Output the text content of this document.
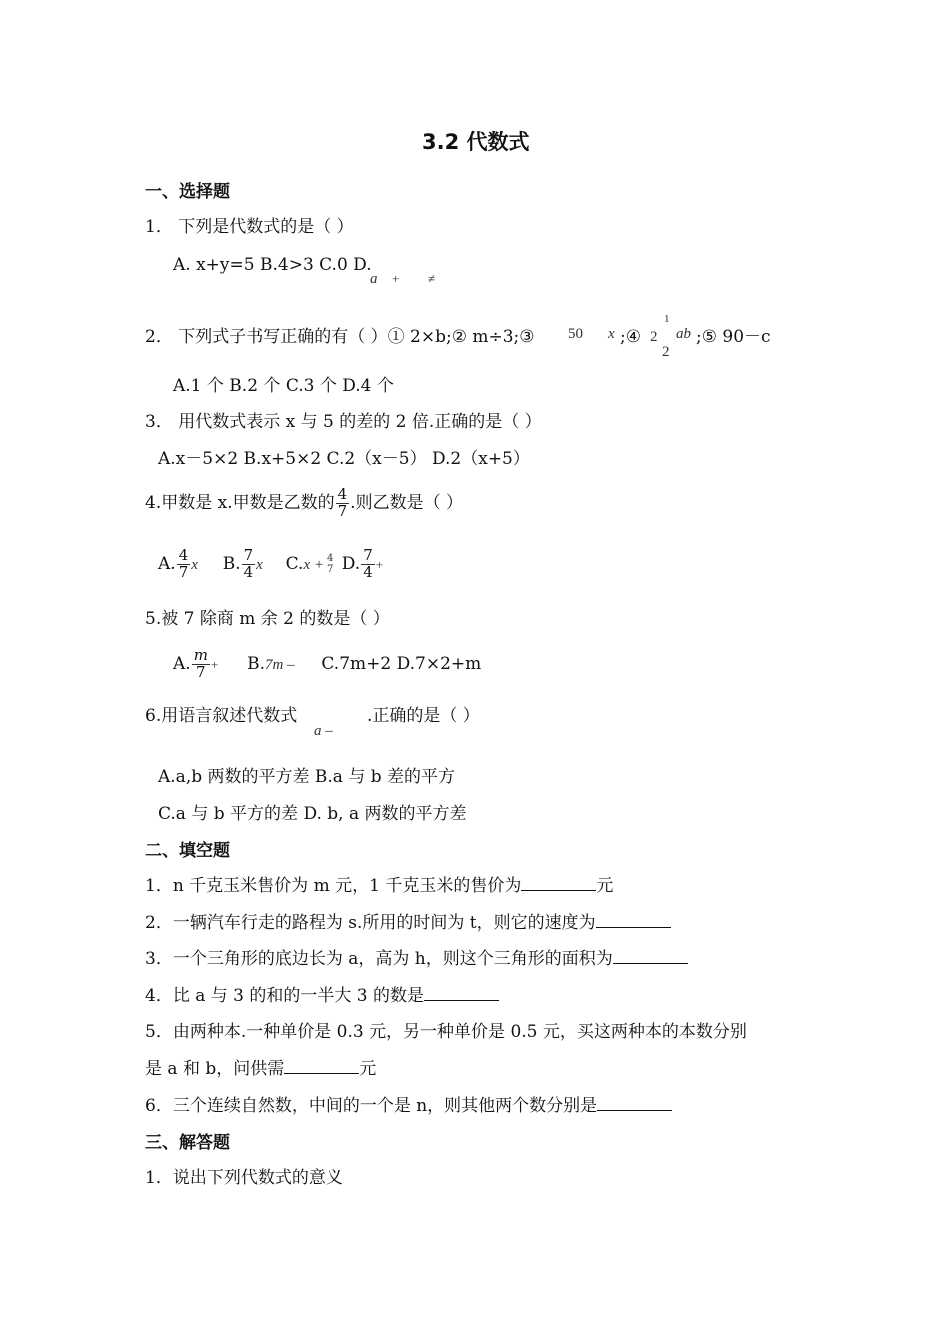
3.2 代数式
一、选择题
1． 下列是代数式的是（ ）
A. x+y=5 B.4>3 C.0 D.
a + ≠
2． 下列式子书写正确的有（ ）① 2×b;② m÷3;③ 50 x ;④ 2
1
2
ab ;⑤ 90－c
A.1 个 B.2 个 C.3 个 D.4 个
3． 用代数式表示 x 与 5 的差的 2 倍.正确的是（ ）
A.x－5×2 B.x+5×2 C.2（x－5） D.2（x+5）
4.甲数是 x.甲数是乙数的 $\frac{4}{7}$ .则乙数是（ ）
A. $\frac{4}{7}$ x B. $\frac{7}{4}$ x C.x + 4
7 D. $\frac{7}{4}$ +
5.被 7 除商 m 余 2 的数是（ ）
A. $\frac{m}{7} + B.7m - C.7m+2$ D.7×2+m
6.用语言叙述代数式
a –
.正确的是（ ）
A.a,b 两数的平方差 B.a 与 b 差的平方
C.a 与 b 平方的差 D. b, a 两数的平方差
二、填空题
1．n 千克玉米售价为 m 元，1 千克玉米的售价为	元
2．一辆汽车行走的路程为 s.所用的时间为 t，则它的速度为
3．一个三角形的底边长为 a，高为 h，则这个三角形的面积为
4．比 a 与 3 的和的一半大 3 的数是
5．由两种本.一种单价是 0.3 元，另一种单价是 0.5 元，买这两种本的本数分别
是 a 和 b，问供需	元
6．三个连续自然数，中间的一个是 n，则其他两个数分别是
三、解答题
1．说出下列代数式的意义
